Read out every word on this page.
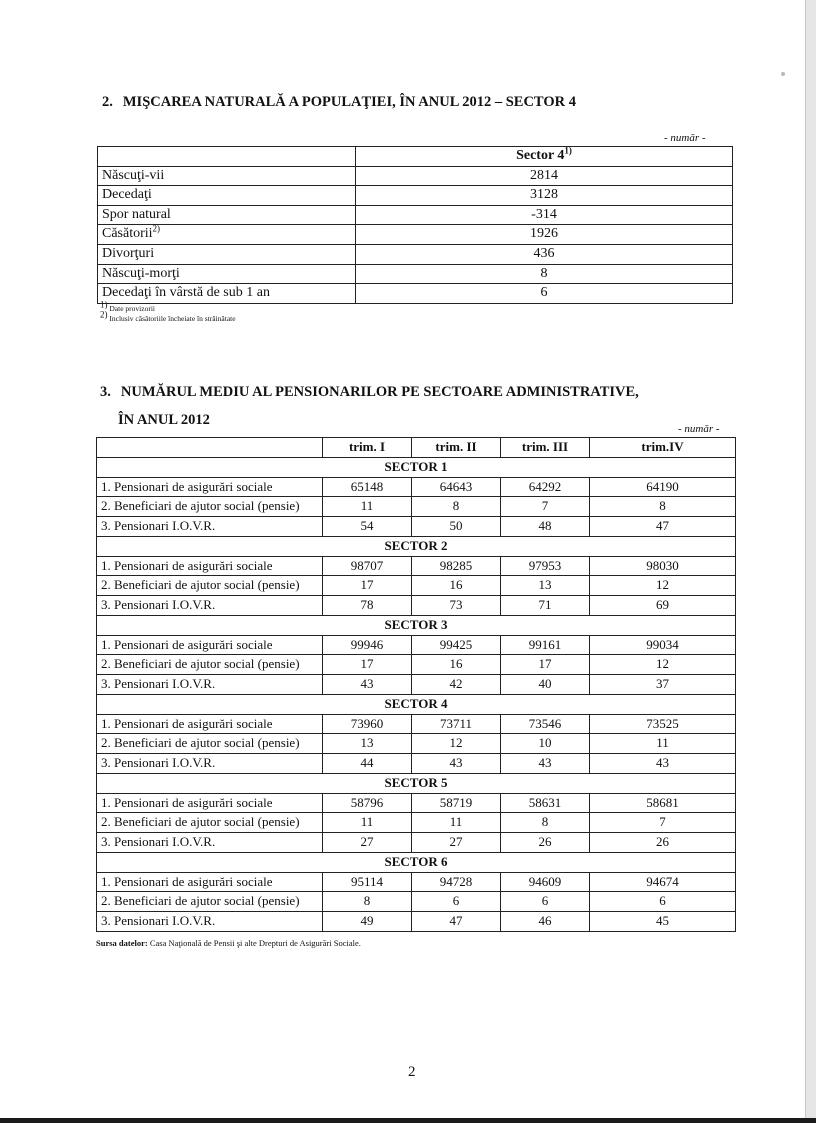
2. MIŞCAREA NATURALĂ A POPULAŢIEI, ÎN ANUL 2012 – SECTOR 4
- număr -
	Sector 4$^{1)}$
Născuţi-vii	2814
Decedaţi	3128
Spor natural	-314
Căsătorii$^{2)}$	1926
Divorţuri	436
Născuţi-morţi	8
Decedaţi în vârstă de sub 1 an	6
$^{1)}$ Date provizorii
$^{2)}$ Inclusiv căsătoriile încheiate în străinătate
3. NUMĂRUL MEDIU AL PENSIONARILOR PE SECTOARE ADMINISTRATIVE,
ÎN ANUL 2012
- număr -
	trim. I	trim. II	trim. III	trim.IV
SECTOR 1				
1. Pensionari de asigurări sociale	65148	64643	64292	64190
2. Beneficiari de ajutor social (pensie)	11	8	7	8
3. Pensionari I.O.V.R.	54	50	48	47
SECTOR 2				
1. Pensionari de asigurări sociale	98707	98285	97953	98030
2. Beneficiari de ajutor social (pensie)	17	16	13	12
3. Pensionari I.O.V.R.	78	73	71	69
SECTOR 3				
1. Pensionari de asigurări sociale	99946	99425	99161	99034
2. Beneficiari de ajutor social (pensie)	17	16	17	12
3. Pensionari I.O.V.R.	43	42	40	37
SECTOR 4				
1. Pensionari de asigurări sociale	73960	73711	73546	73525
2. Beneficiari de ajutor social (pensie)	13	12	10	11
3. Pensionari I.O.V.R.	44	43	43	43
SECTOR 5				
1. Pensionari de asigurări sociale	58796	58719	58631	58681
2. Beneficiari de ajutor social (pensie)	11	11	8	7
3. Pensionari I.O.V.R.	27	27	26	26
SECTOR 6				
1. Pensionari de asigurări sociale	95114	94728	94609	94674
2. Beneficiari de ajutor social (pensie)	8	6	6	6
3. Pensionari I.O.V.R.	49	47	46	45
Sursa datelor: Casa Naţională de Pensii şi alte Drepturi de Asigurări Sociale.
2
